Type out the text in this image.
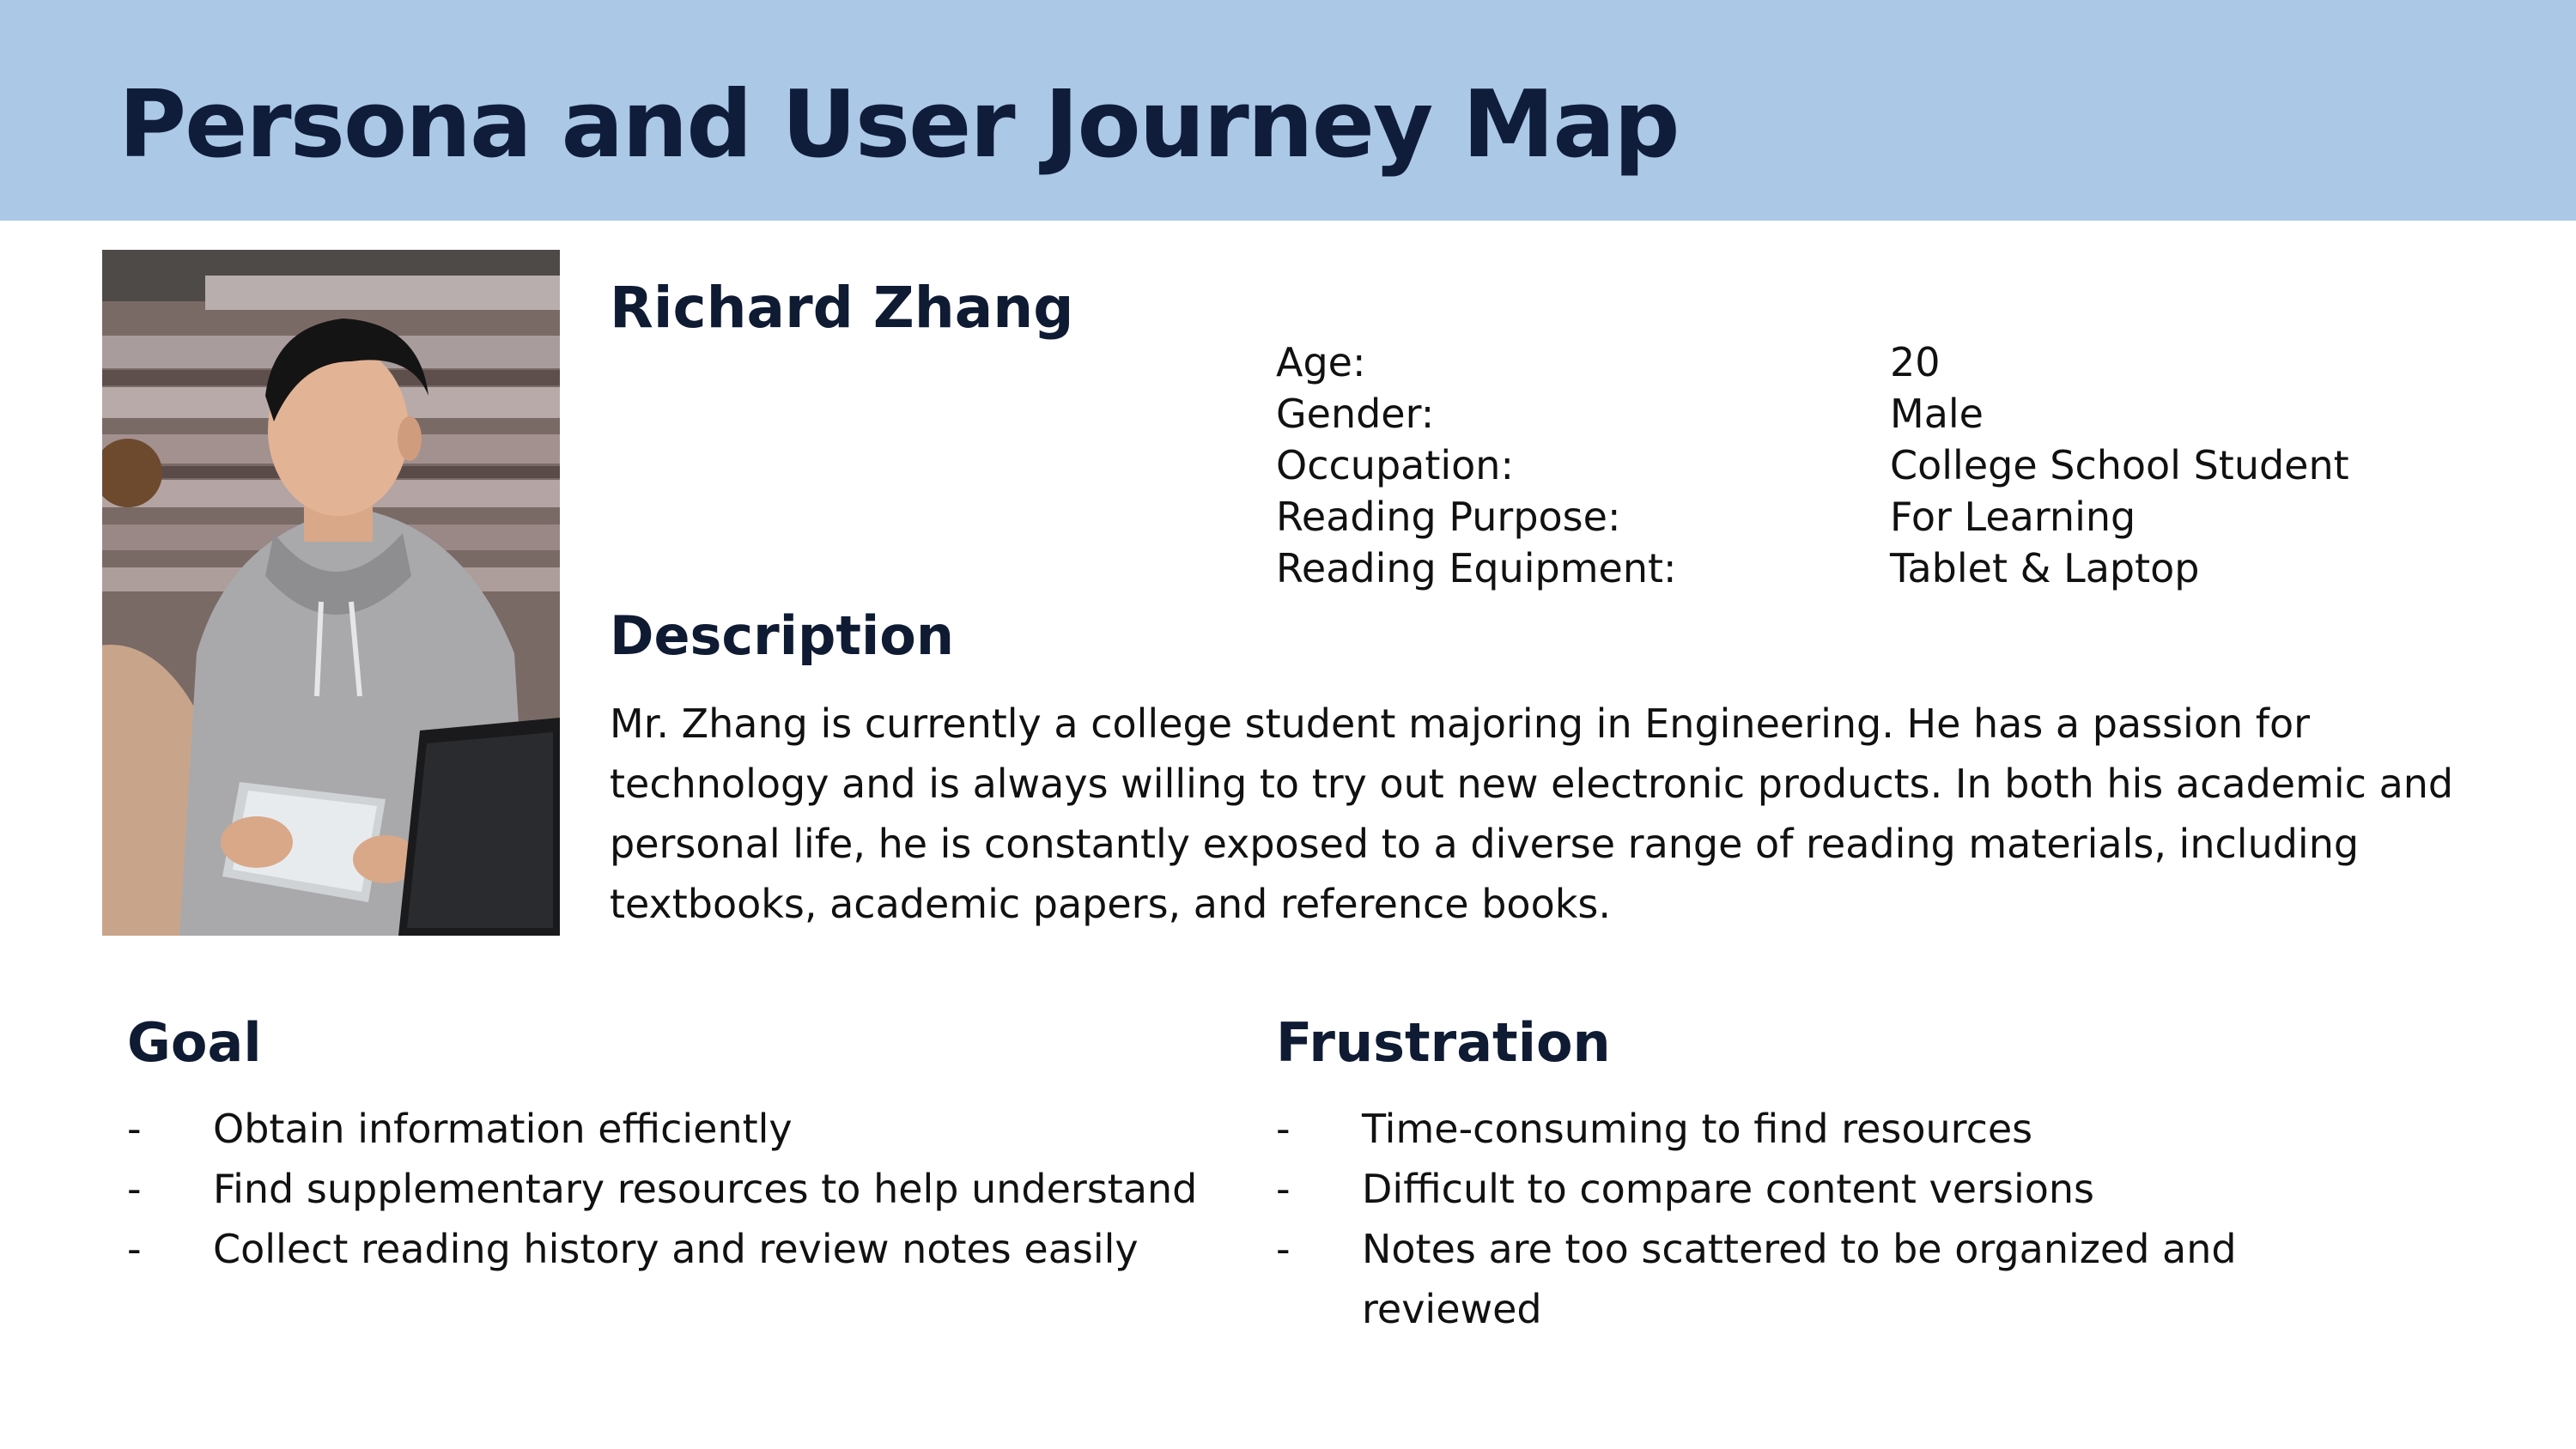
Persona and User Journey Map
Richard Zhang
Age:	20
Gender:	Male
Occupation:	College School Student
Reading Purpose:	For Learning
Reading Equipment:	Tablet & Laptop
Description

Mr. Zhang is currently a college student majoring in Engineering. He has a passion for technology and is always willing to try out new electronic products. In both his academic and personal life, he is constantly exposed to a diverse range of reading materials, including textbooks, academic papers, and reference books.

Goal
-	Obtain information efficiently
-	Find supplementary resources to help understand
-	Collect reading history and review notes easily
Frustration
-	Time-consuming to find resources
-	Difficult to compare content versions
-	Notes are too scattered to be organized and reviewed
